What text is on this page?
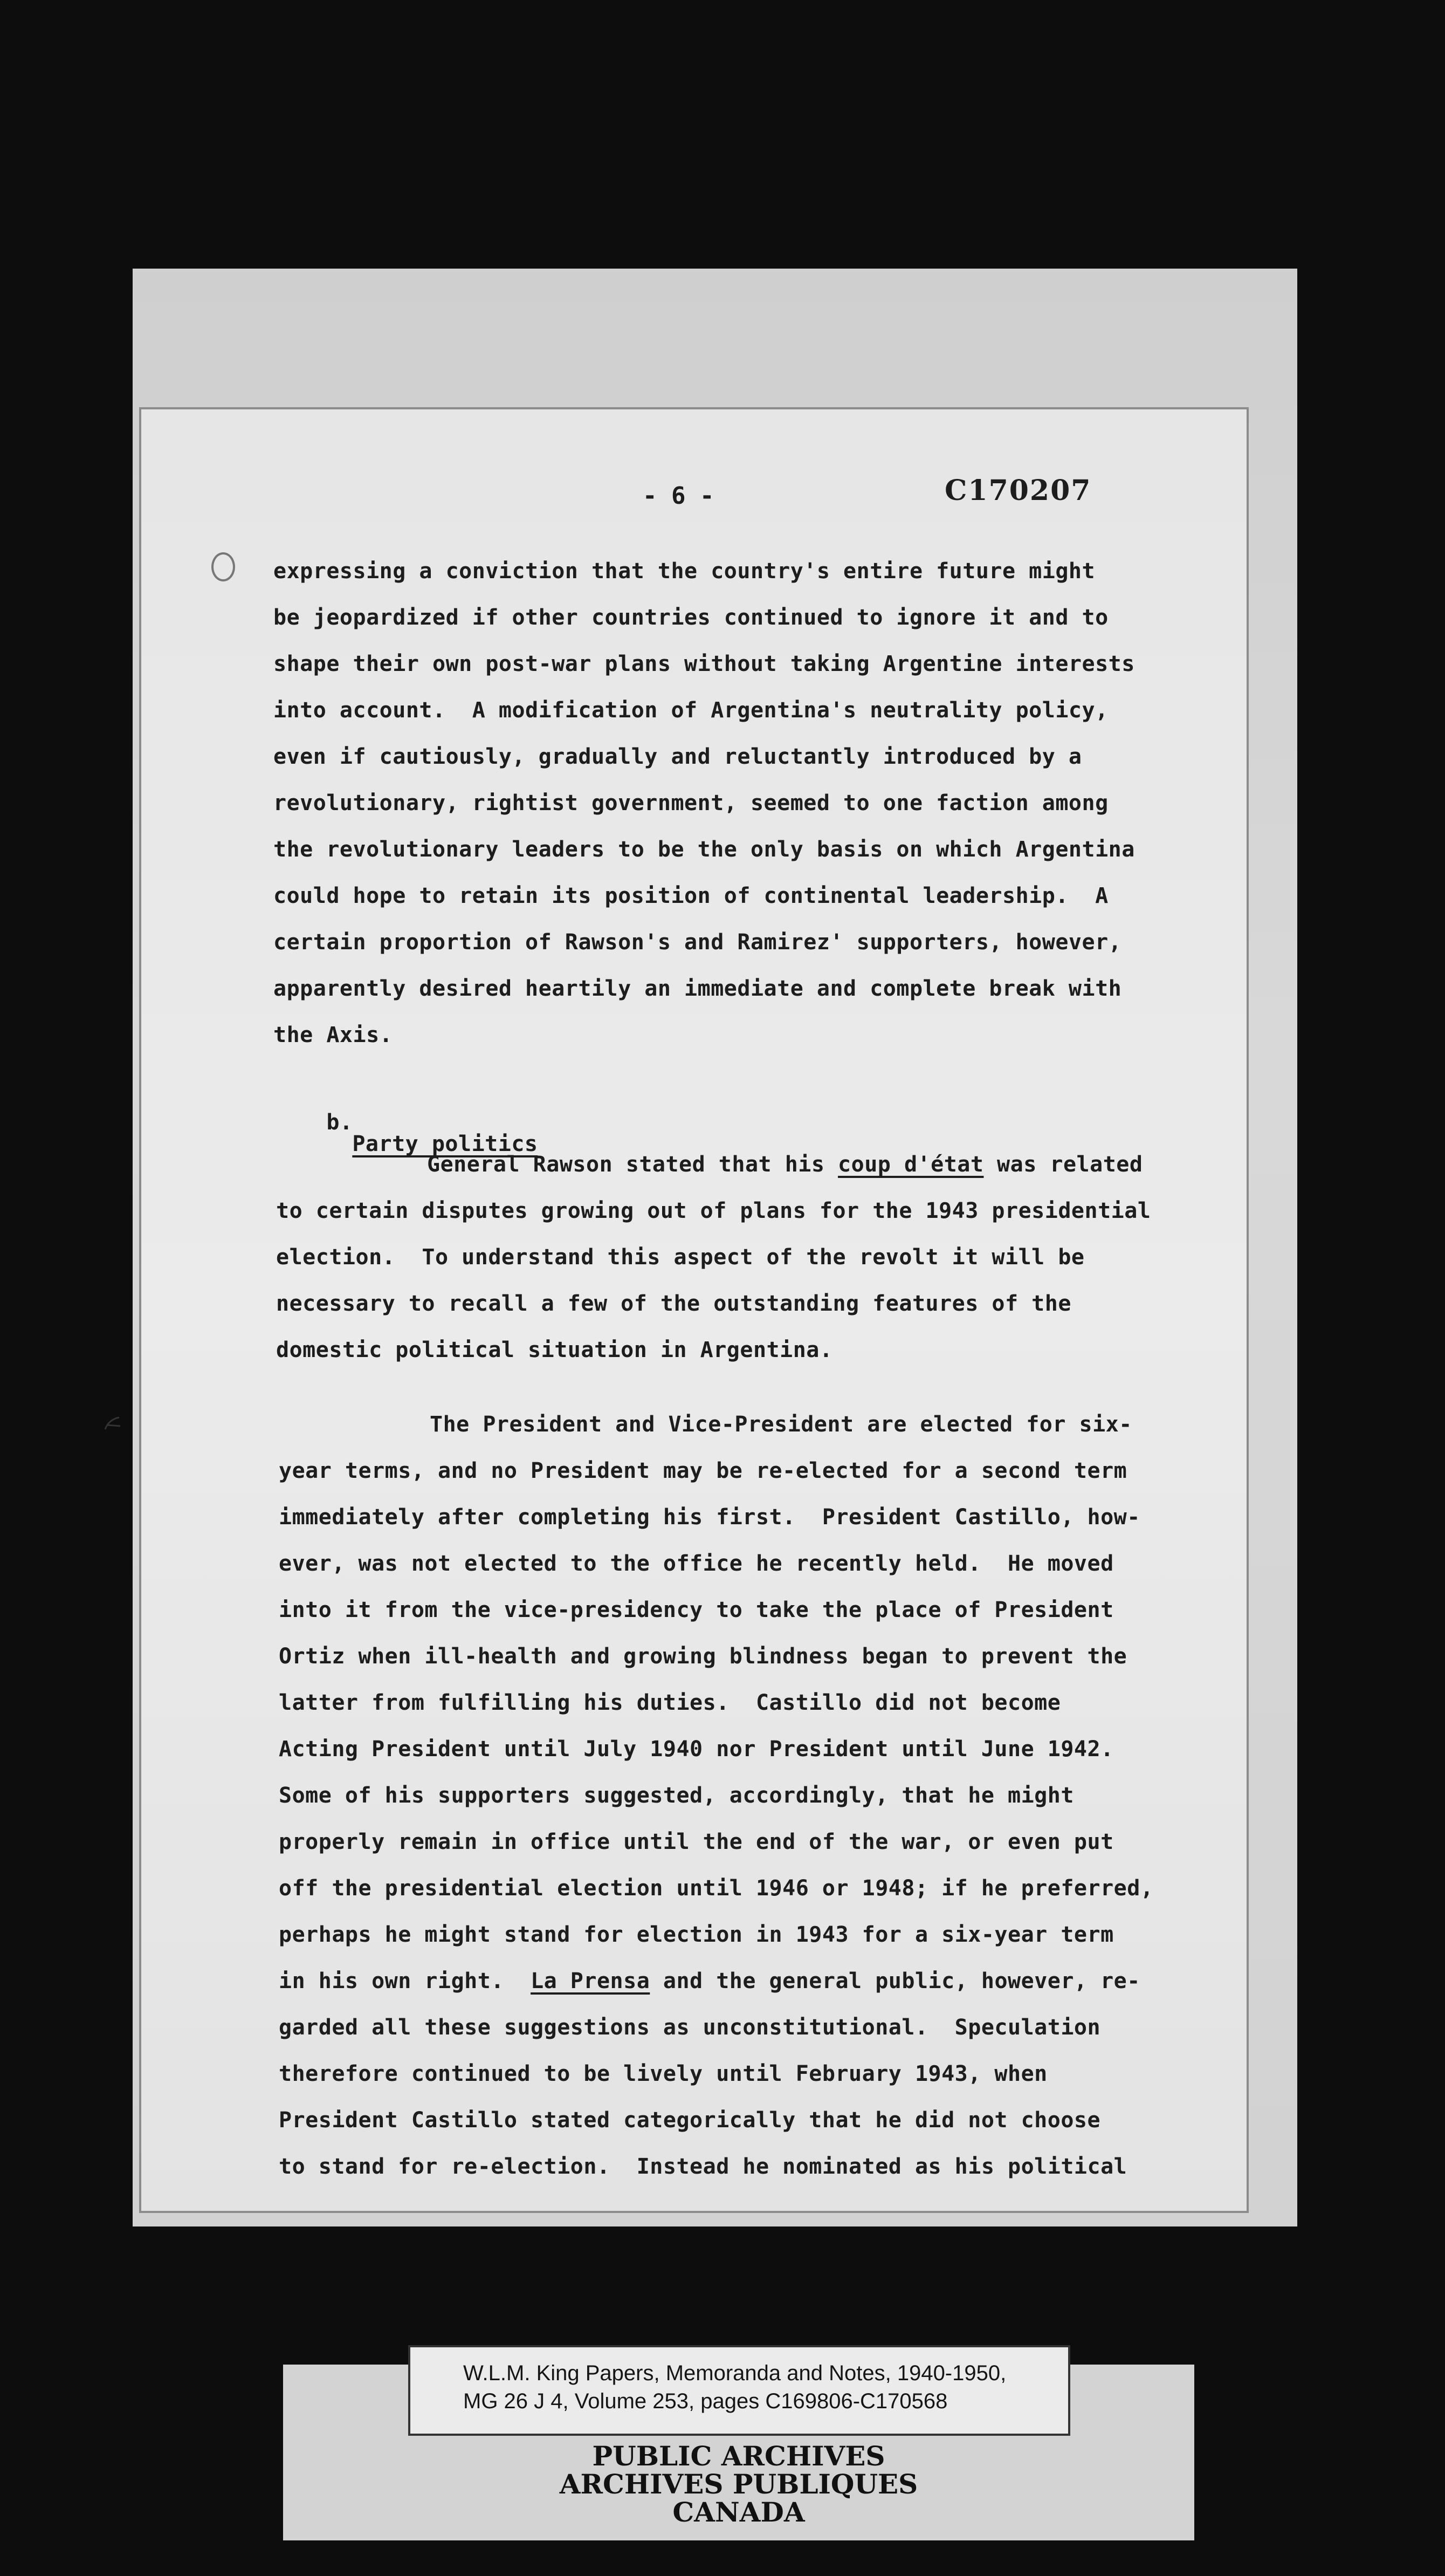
- 6 -	C170207
expressing a conviction that the country's entire future might
be jeopardized if other countries continued to ignore it and to
shape their own post-war plans without taking Argentine interests
into account.  A modification of Argentina's neutrality policy,
even if cautiously, gradually and reluctantly introduced by a
revolutionary, rightist government, seemed to one faction among
the revolutionary leaders to be the only basis on which Argentina
could hope to retain its position of continental leadership.  A
certain proportion of Rawson's and Ramirez' supporters, however,
apparently desired heartily an immediate and complete break with
the Axis.

b.
Party politics

General Rawson stated that his coup d'état was related
to certain disputes growing out of plans for the 1943 presidential
election.  To understand this aspect of the revolt it will be
necessary to recall a few of the outstanding features of the
domestic political situation in Argentina.
The President and Vice-President are elected for six-
year terms, and no President may be re-elected for a second term
immediately after completing his first.  President Castillo, how-
ever, was not elected to the office he recently held.  He moved
into it from the vice-presidency to take the place of President
Ortiz when ill-health and growing blindness began to prevent the
latter from fulfilling his duties.  Castillo did not become
Acting President until July 1940 nor President until June 1942.
Some of his supporters suggested, accordingly, that he might
properly remain in office until the end of the war, or even put
off the presidential election until 1946 or 1948; if he preferred,
perhaps he might stand for election in 1943 for a six-year term
in his own right.  La Prensa and the general public, however, re-
garded all these suggestions as unconstitutional.  Speculation
therefore continued to be lively until February 1943, when
President Castillo stated categorically that he did not choose
to stand for re-election.  Instead he nominated as his political
W.L.M. King Papers, Memoranda and Notes, 1940-1950,
MG 26 J 4, Volume 253, pages C169806-C170568
PUBLIC ARCHIVES
ARCHIVES PUBLIQUES
CANADA
